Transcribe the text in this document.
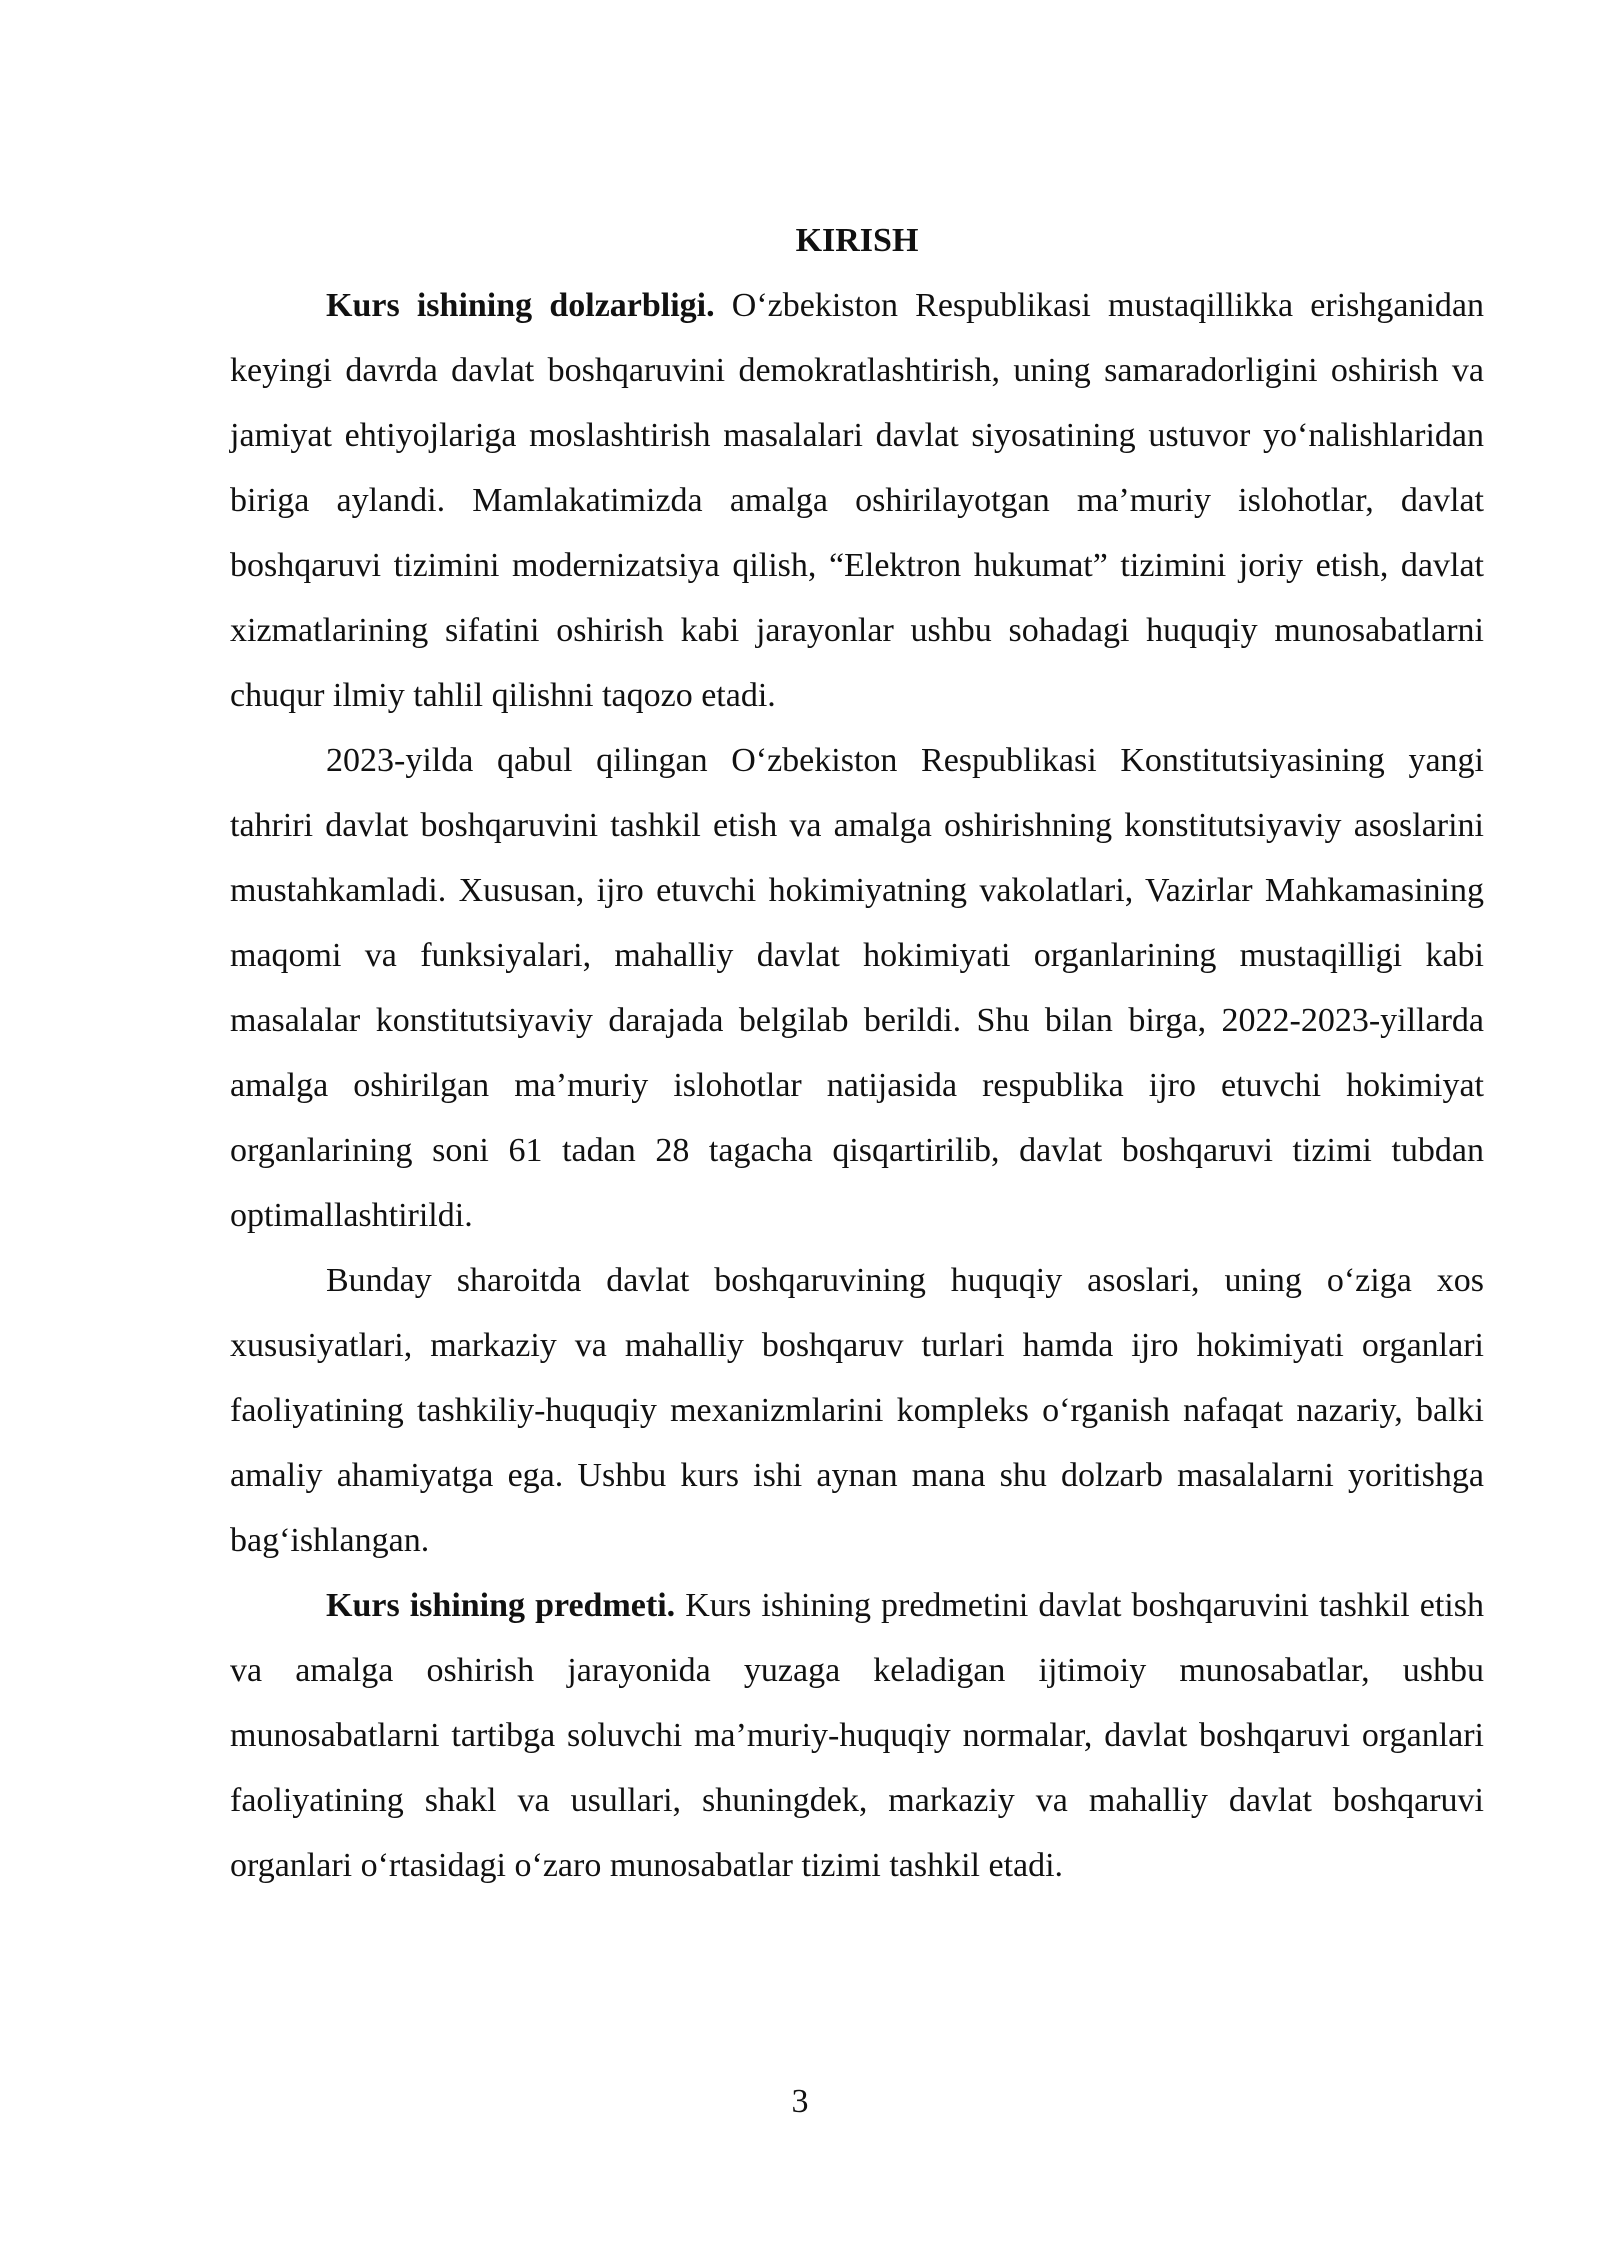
KIRISH

Kurs ishining dolzarbligi. O‘zbekiston Respublikasi mustaqillikka erishganidan keyingi davrda davlat boshqaruvini demokratlashtirish, uning samaradorligini oshirish va jamiyat ehtiyojlariga moslashtirish masalalari davlat siyosatining ustuvor yo‘nalishlaridan biriga aylandi. Mamlakatimizda amalga oshirilayotgan ma’muriy islohotlar, davlat boshqaruvi tizimini modernizatsiya qilish, “Elektron hukumat” tizimini joriy etish, davlat xizmatlarining sifatini oshirish kabi jarayonlar ushbu sohadagi huquqiy munosabatlarni chuqur ilmiy tahlil qilishni taqozo etadi.

2023-yilda qabul qilingan O‘zbekiston Respublikasi Konstitutsiyasining yangi tahriri davlat boshqaruvini tashkil etish va amalga oshirishning konstitutsiyaviy asoslarini mustahkamladi. Xususan, ijro etuvchi hokimiyatning vakolatlari, Vazirlar Mahkamasining maqomi va funksiyalari, mahalliy davlat hokimiyati organlarining mustaqilligi kabi masalalar konstitutsiyaviy darajada belgilab berildi. Shu bilan birga, 2022-2023-yillarda amalga oshirilgan ma’muriy islohotlar natijasida respublika ijro etuvchi hokimiyat organlarining soni 61 tadan 28 tagacha qisqartirilib, davlat boshqaruvi tizimi tubdan optimallashtirildi.

Bunday sharoitda davlat boshqaruvining huquqiy asoslari, uning o‘ziga xos xususiyatlari, markaziy va mahalliy boshqaruv turlari hamda ijro hokimiyati organlari faoliyatining tashkiliy-huquqiy mexanizmlarini kompleks o‘rganish nafaqat nazariy, balki amaliy ahamiyatga ega. Ushbu kurs ishi aynan mana shu dolzarb masalalarni yoritishga bag‘ishlangan.

Kurs ishining predmeti. Kurs ishining predmetini davlat boshqaruvini tashkil etish va amalga oshirish jarayonida yuzaga keladigan ijtimoiy munosabatlar, ushbu munosabatlarni tartibga soluvchi ma’muriy-huquqiy normalar, davlat boshqaruvi organlari faoliyatining shakl va usullari, shuningdek, markaziy va mahalliy davlat boshqaruvi organlari o‘rtasidagi o‘zaro munosabatlar tizimi tashkil etadi.

3
